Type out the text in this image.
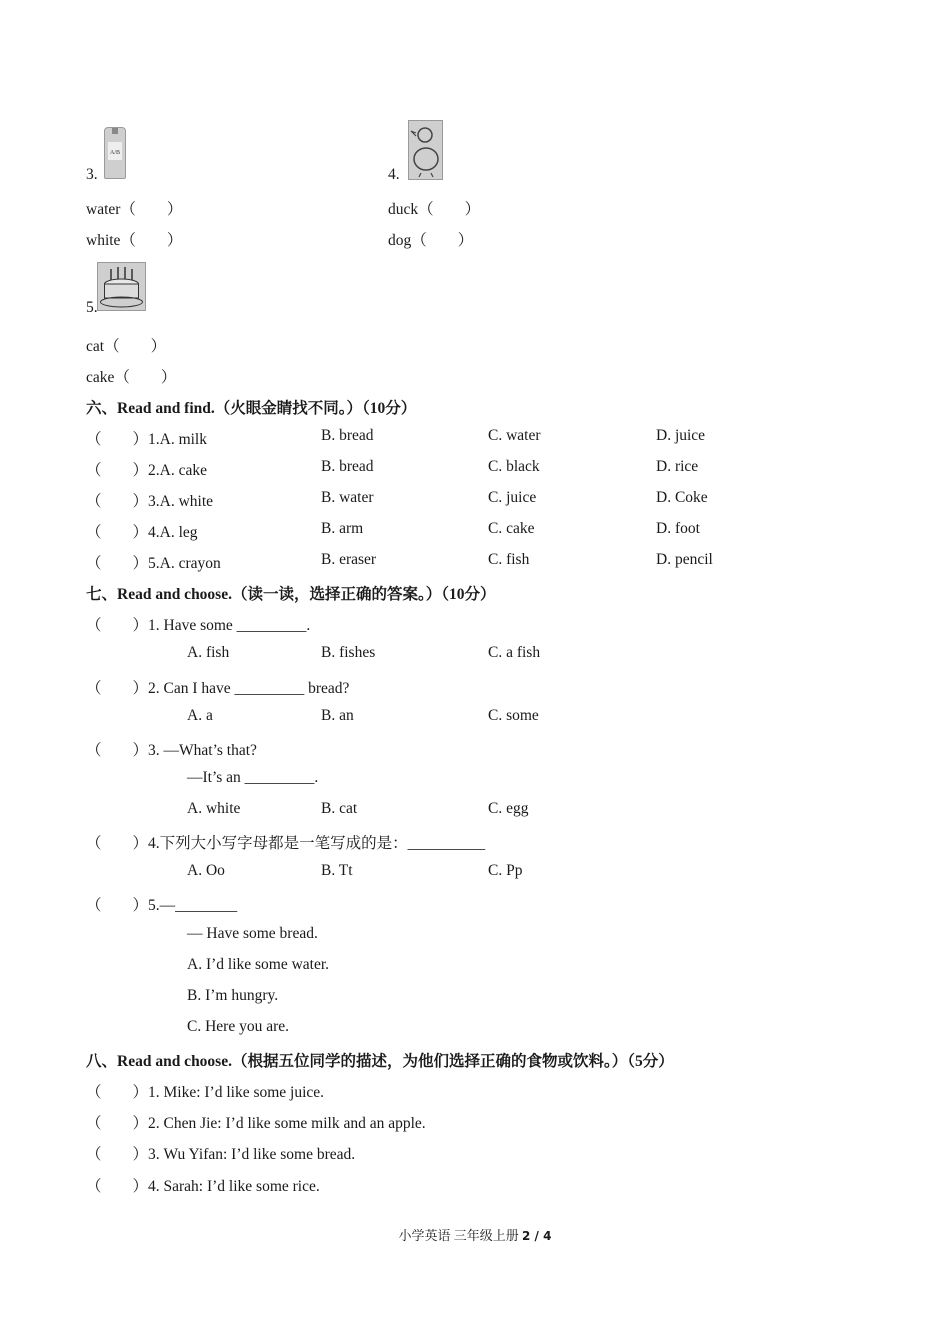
A/B
3.
water（　　）
white（　　）
4.
duck（　　）
dog（　　）
5.
cat（　　）
cake（　　）
六、Read and find.（火眼金睛找不同。）（10分）
（　　）1.A. milk	B. bread	C. water	D. juice
（　　）2.A. cake	B. bread	C. black	D. rice
（　　）3.A. white	B. water	C. juice	D. Coke
（　　）4.A. leg	B. arm	C. cake	D. foot
（　　）5.A. crayon	B. eraser	C. fish	D. pencil
七、Read and choose.（读一读，选择正确的答案。）（10分）
（　　）1. Have some _________.
A. fish	B. fishes	C. a fish
（　　）2. Can I have _________ bread?
A. a	B. an	C. some
（　　）3. —What’s that?
—It’s an _________.
A. white	B. cat	C. egg
（　　）4.下列大小写字母都是一笔写成的是：__________
A. Oo	B. Tt	C. Pp
（　　）5.—________
— Have some bread.
A. I’d like some water.
B. I’m hungry.
C. Here you are.
八、Read and choose.（根据五位同学的描述，为他们选择正确的食物或饮料。）（5分）
（　　）1. Mike: I’d like some juice.
（　　）2. Chen Jie: I’d like some milk and an apple.
（　　）3. Wu Yifan: I’d like some bread.
（　　）4. Sarah: I’d like some rice.
小学英语 三年级上册 2 / 4
